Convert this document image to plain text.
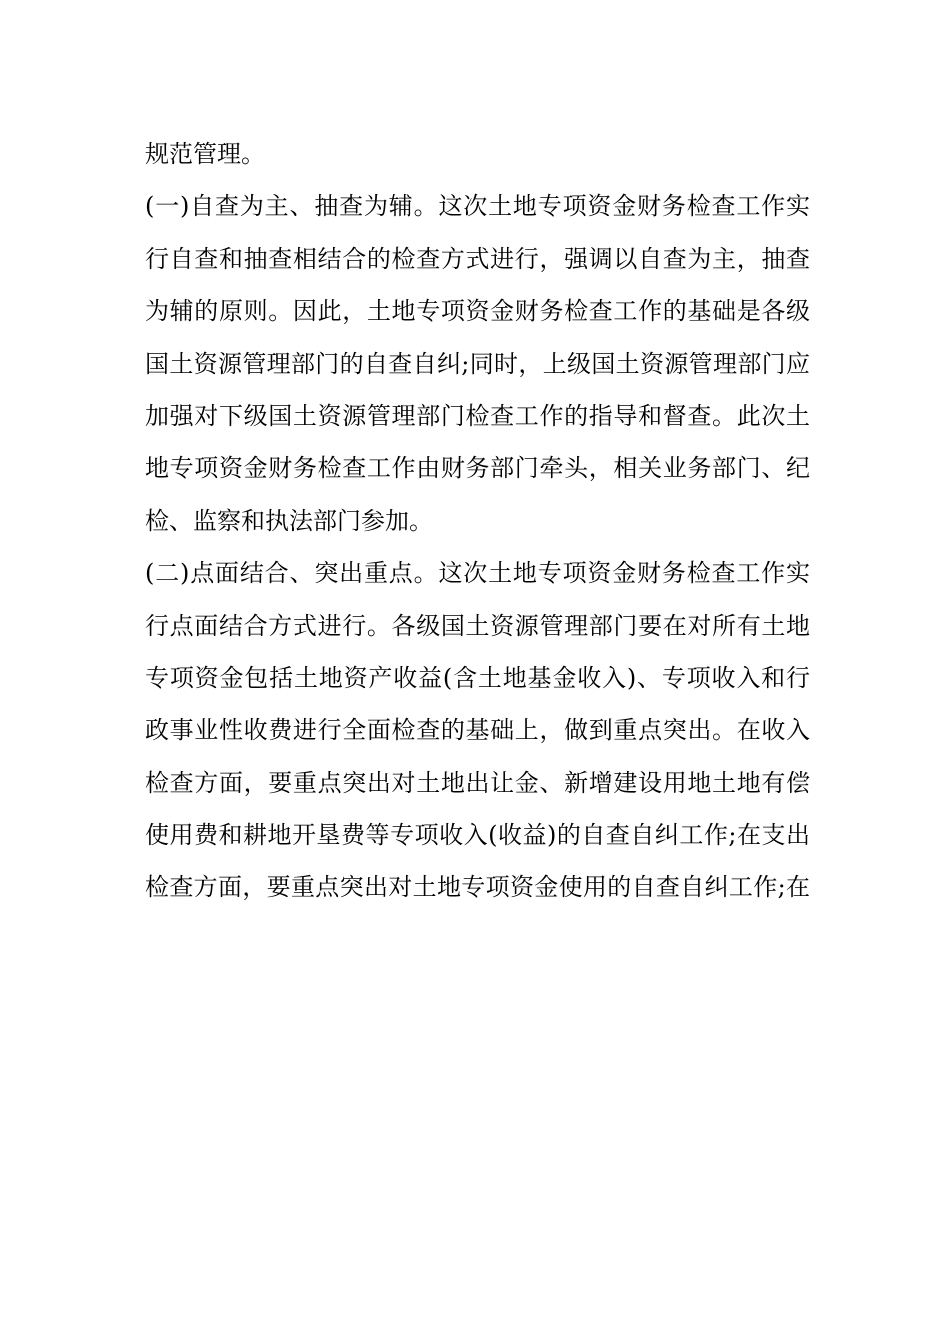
规范管理。
(一)自查为主、抽查为辅。这次土地专项资金财务检查工作实
行自查和抽查相结合的检查方式进行，强调以自查为主，抽查
为辅的原则。因此，土地专项资金财务检查工作的基础是各级
国土资源管理部门的自查自纠;同时，上级国土资源管理部门应
加强对下级国土资源管理部门检查工作的指导和督查。此次土
地专项资金财务检查工作由财务部门牵头，相关业务部门、纪
检、监察和执法部门参加。
(二)点面结合、突出重点。这次土地专项资金财务检查工作实
行点面结合方式进行。各级国土资源管理部门要在对所有土地
专项资金包括土地资产收益(含土地基金收入)、专项收入和行
政事业性收费进行全面检查的基础上，做到重点突出。在收入
检查方面，要重点突出对土地出让金、新增建设用地土地有偿
使用费和耕地开垦费等专项收入(收益)的自查自纠工作;在支出
检查方面，要重点突出对土地专项资金使用的自查自纠工作;在
